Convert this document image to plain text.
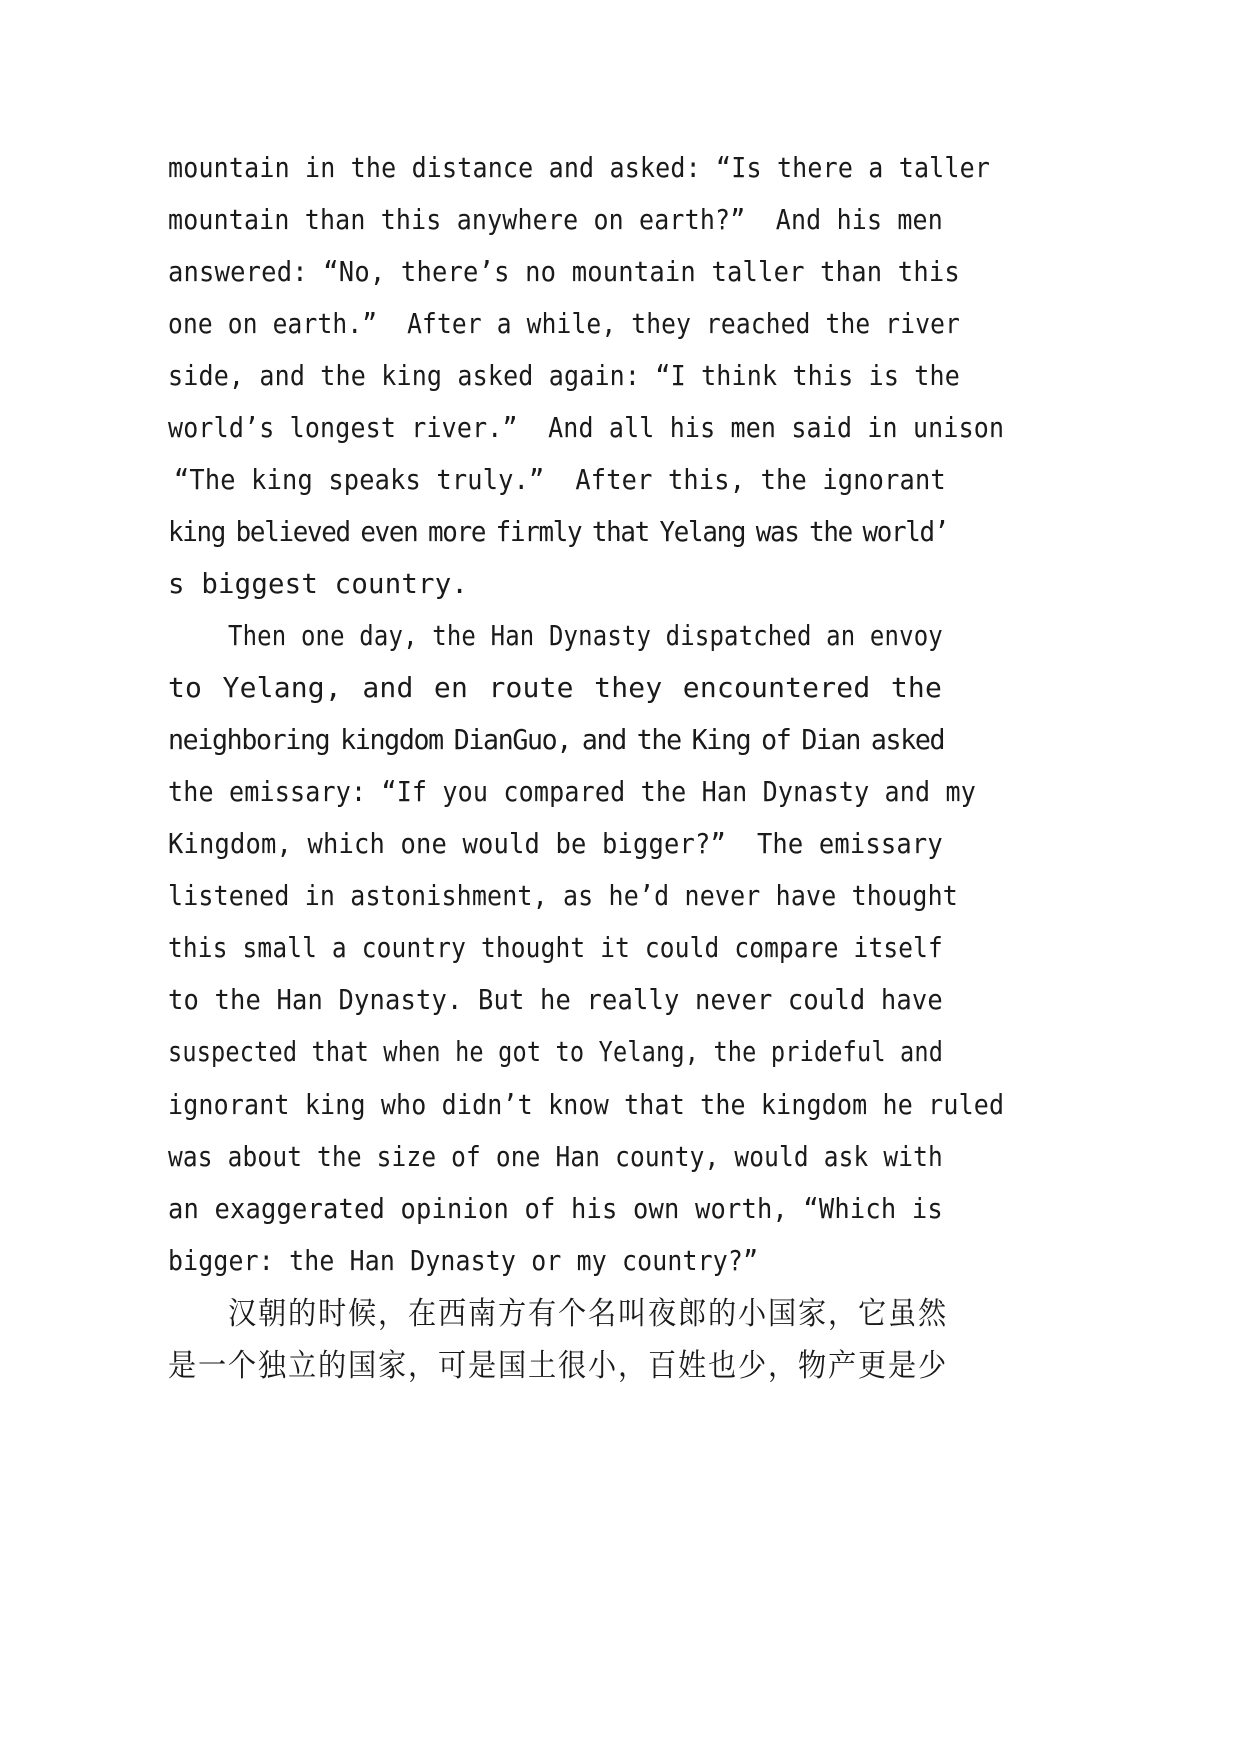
mountain in the distance and asked: “Is there a taller

mountain than this anywhere on earth?”  And his men

answered: “No, there’s no mountain taller than this

one on earth.”  After a while, they reached the river

side, and the king asked again: “I think this is the

world’s longest river.”  And all his men said in unison

“The king speaks truly.”  After this, the ignorant

king believed even more firmly that Yelang was the world’

s biggest country.

Then one day, the Han Dynasty dispatched an envoy

to Yelang, and en route they encountered the

neighboring kingdom DianGuo, and the King of Dian asked

the emissary: “If you compared the Han Dynasty and my

Kingdom, which one would be bigger?”  The emissary

listened in astonishment, as he’d never have thought

this small a country thought it could compare itself

to the Han Dynasty. But he really never could have

suspected that when he got to Yelang, the prideful and

ignorant king who didn’t know that the kingdom he ruled

was about the size of one Han county, would ask with

an exaggerated opinion of his own worth, “Which is

bigger: the Han Dynasty or my country?”

汉朝的时候，在西南方有个名叫夜郎的小国家，它虽然

是一个独立的国家，可是国土很小，百姓也少，物产更是少
